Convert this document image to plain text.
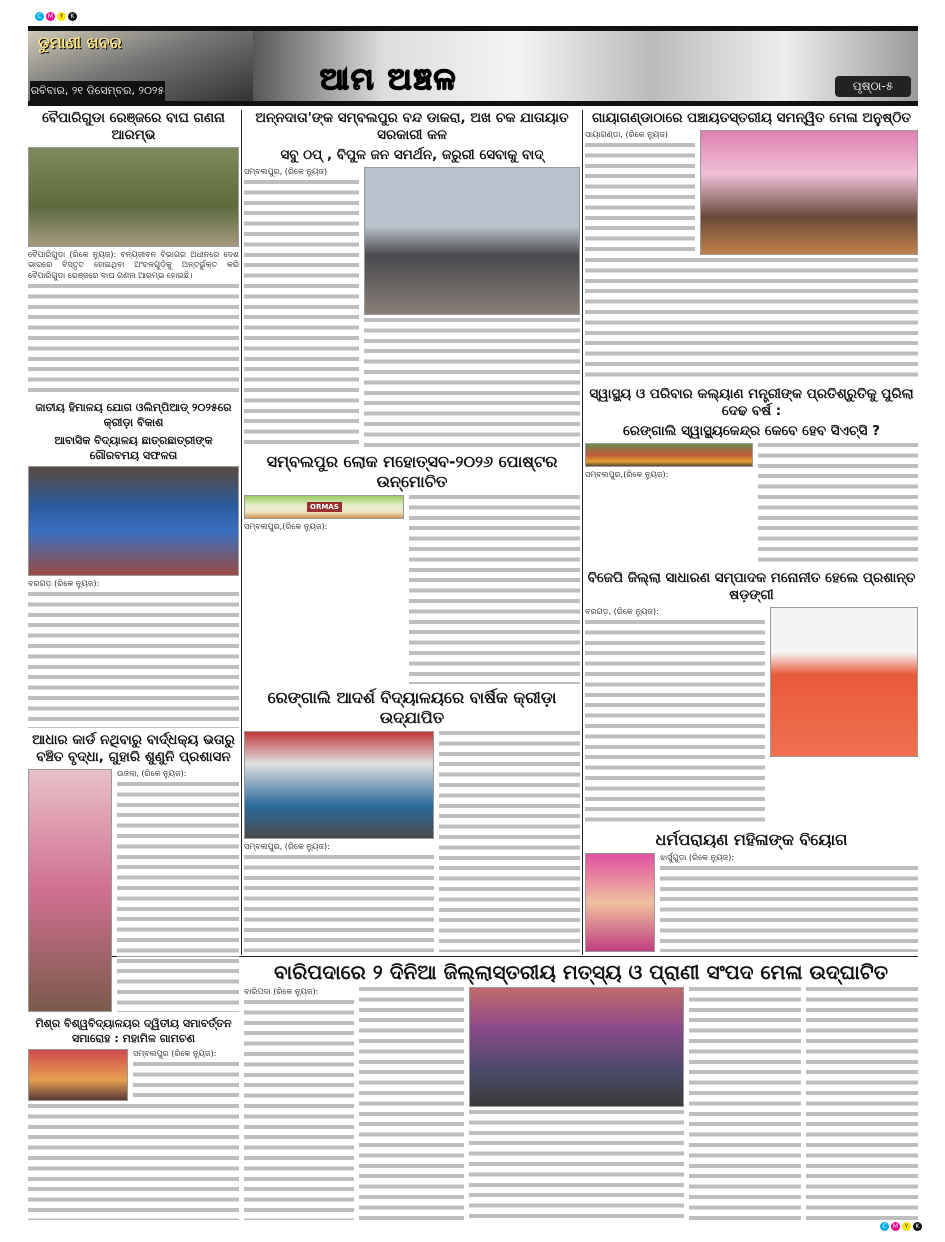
C	M	Y	K
ଡୁମାଣୀ ଖବର
ରବିବାର, ୨୧ ଡିସେମ୍ବର, ୨୦୨୫	ଆମ ଅଞ୍ଚଳ	ପୃଷ୍ଠା-୫
ବୈପାରିଗୁଡା ରେଞ୍ଜରେ ବାଘ ଗଣନା ଆରମ୍ଭ
ବୈପାରିଗୁଡା (ରିକେ ନ୍ୟୁଜ): ବନ୍ୟଜୀବନ ବିଭାଗର ଅଧୀନରେ ଦେଶ ଭାରରେ ବିସ୍ତୃତ ହୋଇଥିବା ଅଂଚଳଗୁଡ଼ିକୁ ଅନ୍ତର୍ଭୁକ୍ତ କରି ବୈପାରିଗୁଡା ରେଞ୍ଜରେ ବାଘ ଗଣନା ଆରମ୍ଭ ହୋଇଛି।
ଅନ୍ନଦାତା'ଙ୍କ ସମ୍ବଲପୁର ବନ୍ଦ ଡାକରା, ଅଖ ଚକ ଯାତାୟାତ ସରକାରୀ କଳ
ସବୁ ଠପ୍ , ବିପୁଳ ଜନ ସମର୍ଥନ, ଜରୁରୀ ସେବାକୁ ବାଦ୍
ସମ୍ବଲପୁର, (ରିକେ ନ୍ୟୁଜ)
ଗାୟାଗଣ୍ଡାଠାରେ ପଞ୍ଚାୟତସ୍ତରୀୟ ସମନ୍ୱିତ ମେଳା ଅନୁଷ୍ଠିତ
ସାୟାଗଣ୍ଡା, (ରିକେ ନ୍ୟୁଜ)
ଜାତୀୟ ହିମାଳୟ ଯୋଗ ଓଲିମ୍ପିଆଡ୍ ୨୦୨୫ରେ କ୍ରୀଡ଼ା ବିକାଶ
ଆବାସିକ ବିଦ୍ୟାଳୟ ଛାତ୍ରଛାତ୍ରୀଙ୍କ ଗୌରବମୟ ସଫଳତା
ବରଗଡ଼ (ରିକେ ନ୍ୟୁଜ):
ସମ୍ବଲପୁର ଲୋକ ମହୋତ୍ସବ-୨୦୨୬ ପୋଷ୍ଟର ଉନ୍ମୋଚିତ
ORMAS
ସମ୍ବଲପୁର,(ରିକେ ନ୍ୟୁଜ):
ସ୍ୱାସ୍ଥ୍ୟ ଓ ପରିବାର କଲ୍ୟାଣ ମନ୍ତ୍ରୀଙ୍କ ପ୍ରତିଶ୍ରୁତିକୁ ପୁରିଲା ଦେଢ ବର୍ଷ :
ରେଙ୍ଗାଲି ସ୍ୱାସ୍ଥ୍ୟକେନ୍ଦ୍ର କେବେ ହେବ ସିଏଚ୍‌ସି ?
ସମ୍ବଲପୁର,(ରିକେ ନ୍ୟୁଜ):
ରେଙ୍ଗାଲି ଆଦର୍ଶ ବିଦ୍ୟାଳୟରେ ବାର୍ଷିକ କ୍ରୀଡ଼ା ଉଦ୍‌ଯାପିତ
ସମ୍ବଲପୁର, (ରିକେ ନ୍ୟୁଜ):
ବିଜେପି ଜିଲ୍ଲା ସାଧାରଣ ସମ୍ପାଦକ ମନୋନୀତ ହେଲେ ପ୍ରଶାନ୍ତ ଷଡ଼ଙ୍ଗୀ
ବରଗଡ଼, (ରିକେ ନ୍ୟୁଜ):
ଆଧାର କାର୍ଡ ନଥିବାରୁ ବାର୍ଦ୍ଧକ୍ୟ ଭତାରୁ ବଞ୍ଚିତ ବୃଦ୍ଧା, ଗୁହାରି ଶୁଣୁନି ପ୍ରଶାସନ
ଉଜଲା, (ରିକେ ନ୍ୟୁଜ):
ଧର୍ମପରାୟଣ ମହିଳାଙ୍କ ବିୟୋଗ
ଝାର୍ସୁଗୁଡ଼ା (ରିକେ ନ୍ୟୁଜ):
ବାରିପଦାରେ ୨ ଦିନିଆ ଜିଲ୍ଲାସ୍ତରୀୟ ମତ୍ସ୍ୟ ଓ ପ୍ରାଣୀ ସଂପଦ ମେଳା ଉଦ୍‌ଘାଟିତ
ବାରିପଦା (ରିକେ ନ୍ୟୁଜ):
ମିଶ୍ର ବିଶ୍ୱବିଦ୍ୟାଳୟର ଦ୍ୱିତୀୟ ସମାବର୍ତ୍ତନ ସମାରୋହ : ମହାମିଳ ଗାମଚଣ
ସମ୍ବଲପୁର (ରିକେ ନ୍ୟୁଜ):
C	M	Y	K
